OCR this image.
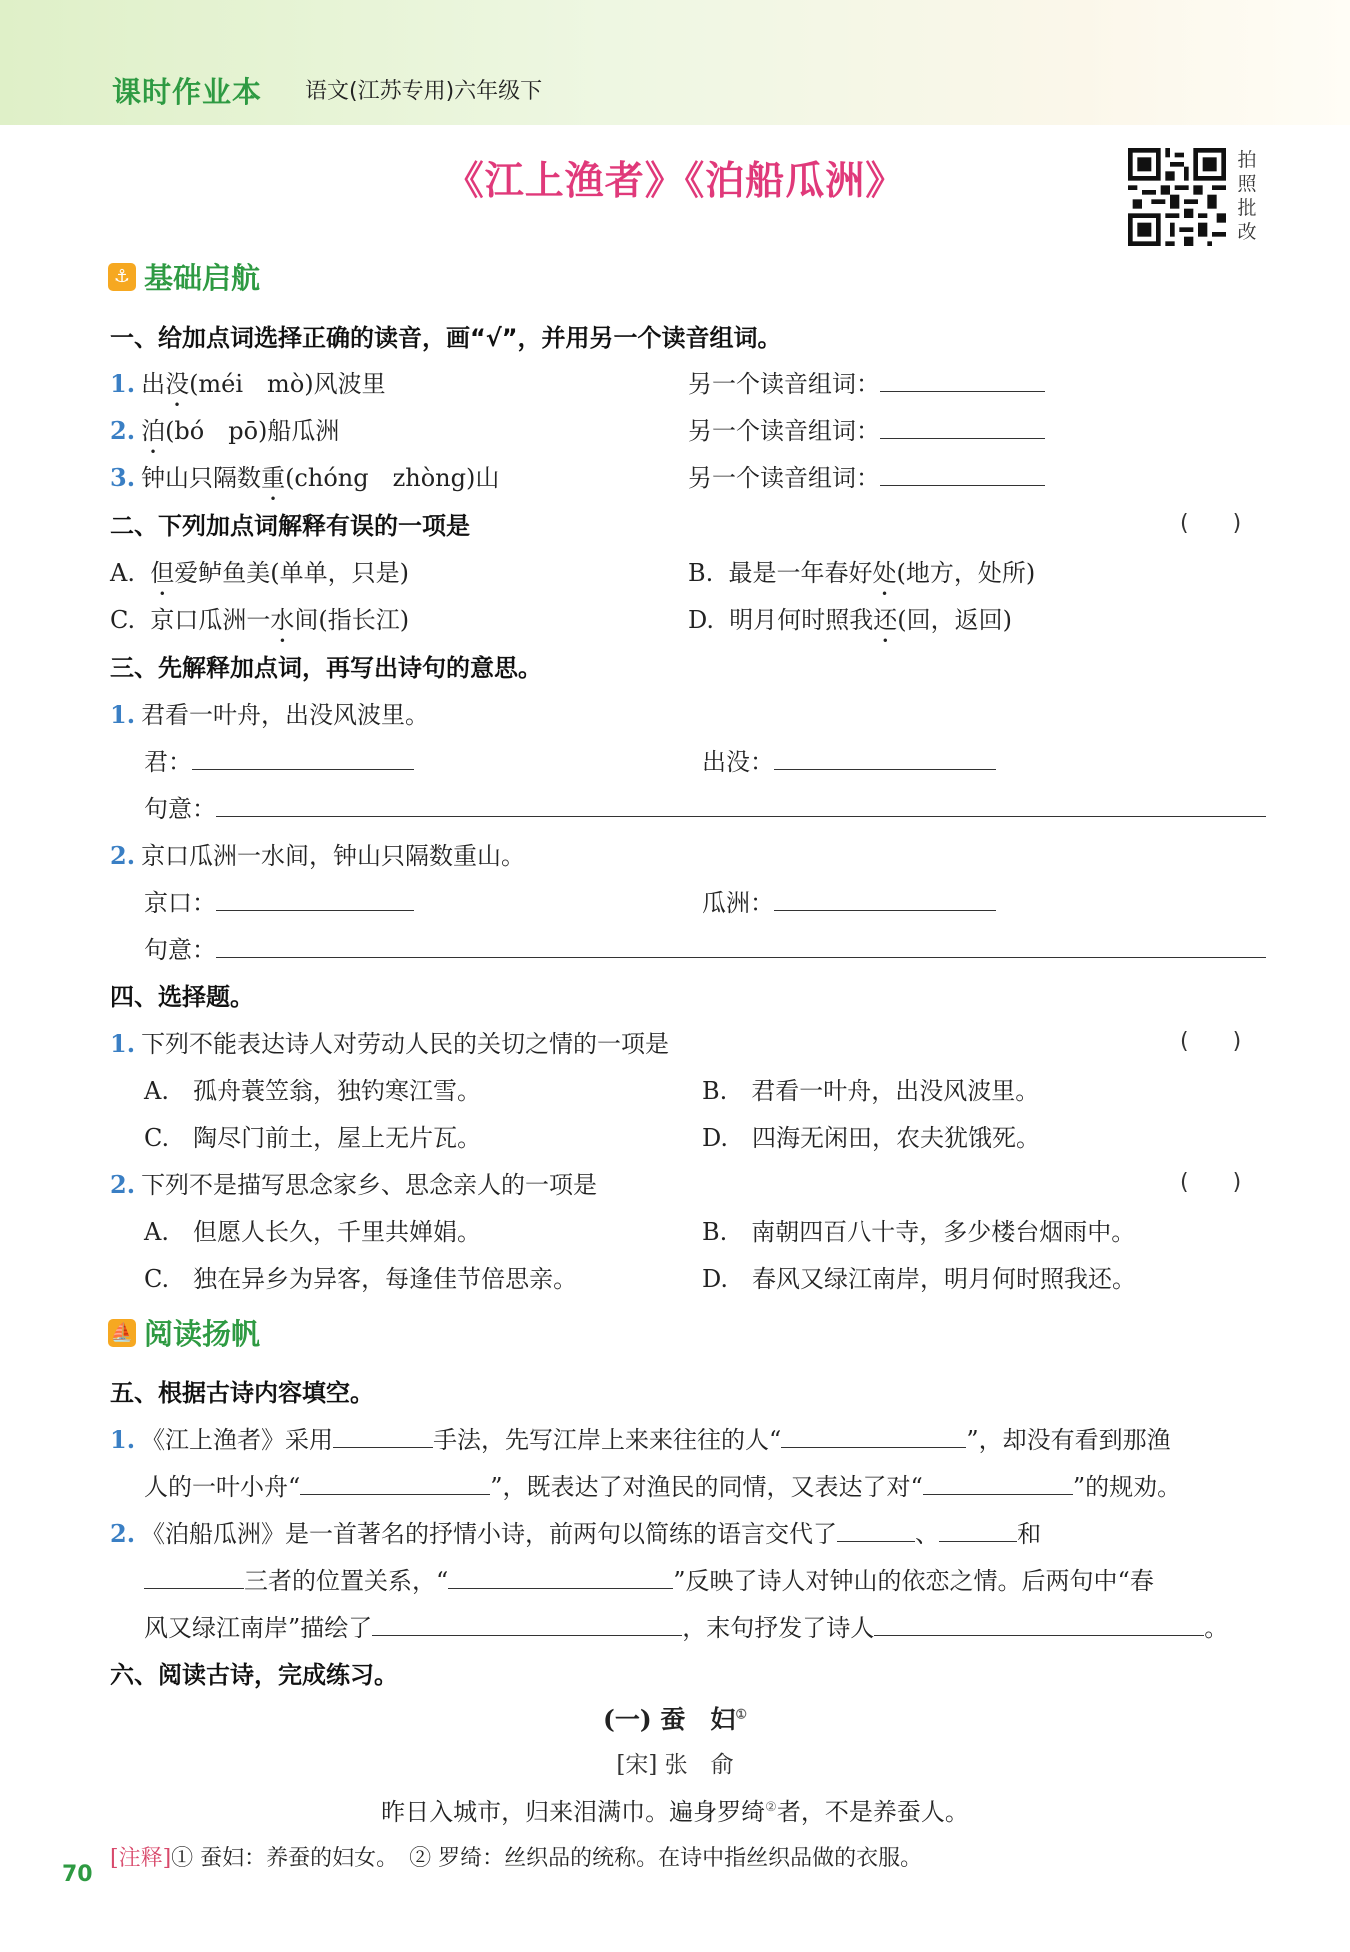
课时作业本 语文(江苏专用)六年级下
《江上渔者》《泊船瓜洲》	拍
照
批
改
⚓ 基础启航
一、给加点词选择正确的读音，画“√”，并用另一个读音组词。
1. 出没(méi　mò)风波里	另一个读音组词：
2. 泊(bó　pō)船瓜洲	另一个读音组词：
3. 钟山只隔数重(chóng　zhòng)山	另一个读音组词：
二、下列加点词解释有误的一项是	(　　)
A. 但爱鲈鱼美(单单，只是)	B. 最是一年春好处(地方，处所)
C. 京口瓜洲一水间(指长江)	D. 明月何时照我还(回，返回)
三、先解释加点词，再写出诗句的意思。
1. 君看一叶舟，出没风波里。
君：	出没：
句意：
2. 京口瓜洲一水间，钟山只隔数重山。
京口：	瓜洲：
句意：
四、选择题。
1. 下列不能表达诗人对劳动人民的关切之情的一项是	(　　)
A.　孤舟蓑笠翁，独钓寒江雪。	B.　君看一叶舟，出没风波里。
C.　陶尽门前土，屋上无片瓦。	D.　四海无闲田，农夫犹饿死。
2. 下列不是描写思念家乡、思念亲人的一项是	(　　)
A.　但愿人长久，千里共婵娟。	B.　南朝四百八十寺，多少楼台烟雨中。
C.　独在异乡为异客，每逢佳节倍思亲。	D.　春风又绿江南岸，明月何时照我还。
⛵ 阅读扬帆
五、根据古诗内容填空。
1. 《江上渔者》采用	手法，先写江岸上来来往往的人“	”，却没有看到那渔
人的一叶小舟“	”，既表达了对渔民的同情，又表达了对“	”的规劝。
2. 《泊船瓜洲》是一首著名的抒情小诗，前两句以简练的语言交代了	、	和
三者的位置关系，“	”反映了诗人对钟山的依恋之情。后两句中“春
风又绿江南岸”描绘了	，末句抒发了诗人	。
六、阅读古诗，完成练习。
(一) 蚕　妇①
[宋] 张　俞
昨日入城市，归来泪满巾。遍身罗绮②者，不是养蚕人。
[注释]① 蚕妇：养蚕的妇女。　② 罗绮：丝织品的统称。在诗中指丝织品做的衣服。
70
